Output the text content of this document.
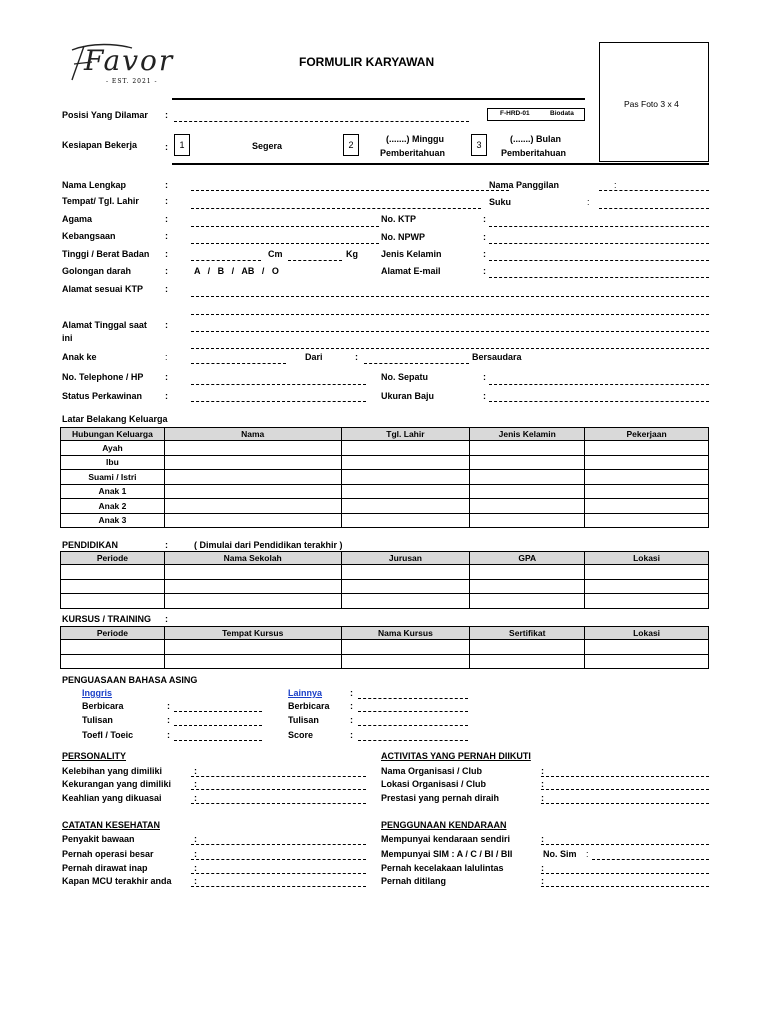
Favor
- EST. 2021 -
FORMULIR KARYAWAN
Pas Foto 3 x 4
F-HRD-01	Biodata
Posisi Yang Dilamar :
Kesiapan Bekerja	:	1	Segera	2
(.......) Minggu
Pemberitahuan
3
(.......) Bulan
Pemberitahuan
Nama Lengkap	:	Nama Panggilan	:
Tempat/ Tgl. Lahir	:	Suku	:
Agama	:	No. KTP	:
Kebangsaan	:	No. NPWP	:
Tinggi / Berat Badan :	Cm	Kg	Jenis Kelamin	:
Golongan darah	:	A   /   B   /   AB   /   O	Alamat E-mail	:
Alamat sesuai KTP :
Alamat Tinggal saat
ini
:
Anak ke	:	Dari	:	Bersaudara
No. Telephone / HP :	No. Sepatu	:
Status Perkawinan	:	Ukuran Baju	:
Latar Belakang Keluarga
Hubungan Keluarga	Nama	Tgl. Lahir	Jenis Kelamin	Pekerjaan
Ayah				
Ibu				
Suami / Istri				
Anak 1				
Anak 2				
Anak 3				
PENDIDIKAN	:	( Dimulai dari Pendidikan terakhir )
Periode	Nama Sekolah	Jurusan	GPA	Lokasi

KURSUS / TRAINING :
Periode	Tempat Kursus	Nama Kursus	Sertifikat	Lokasi

PENGUASAAN BAHASA ASING
Inggris	Lainnya	:
Berbicara	:	Berbicara :
Tulisan	:	Tulisan	:
Toefl / Toeic	:	Score	:
PERSONALITY	ACTIVITAS YANG PERNAH DIIKUTI
Kelebihan yang dimiliki	:	Nama Organisasi / Club	:
Kekurangan yang dimiliki	:	Lokasi Organisasi / Club	:
Keahlian yang dikuasai	:	Prestasi yang pernah diraih	:
CATATAN KESEHATAN	PENGGUNAAN KENDARAAN
Penyakit bawaan	:	Mempunyai kendaraan sendiri	:
Pernah operasi besar	:	Mempunyai SIM : A / C / BI / BII	No. Sim :
Pernah dirawat inap	:	Pernah kecelakaan lalulintas	:
Kapan MCU terakhir anda :	Pernah ditilang	:
